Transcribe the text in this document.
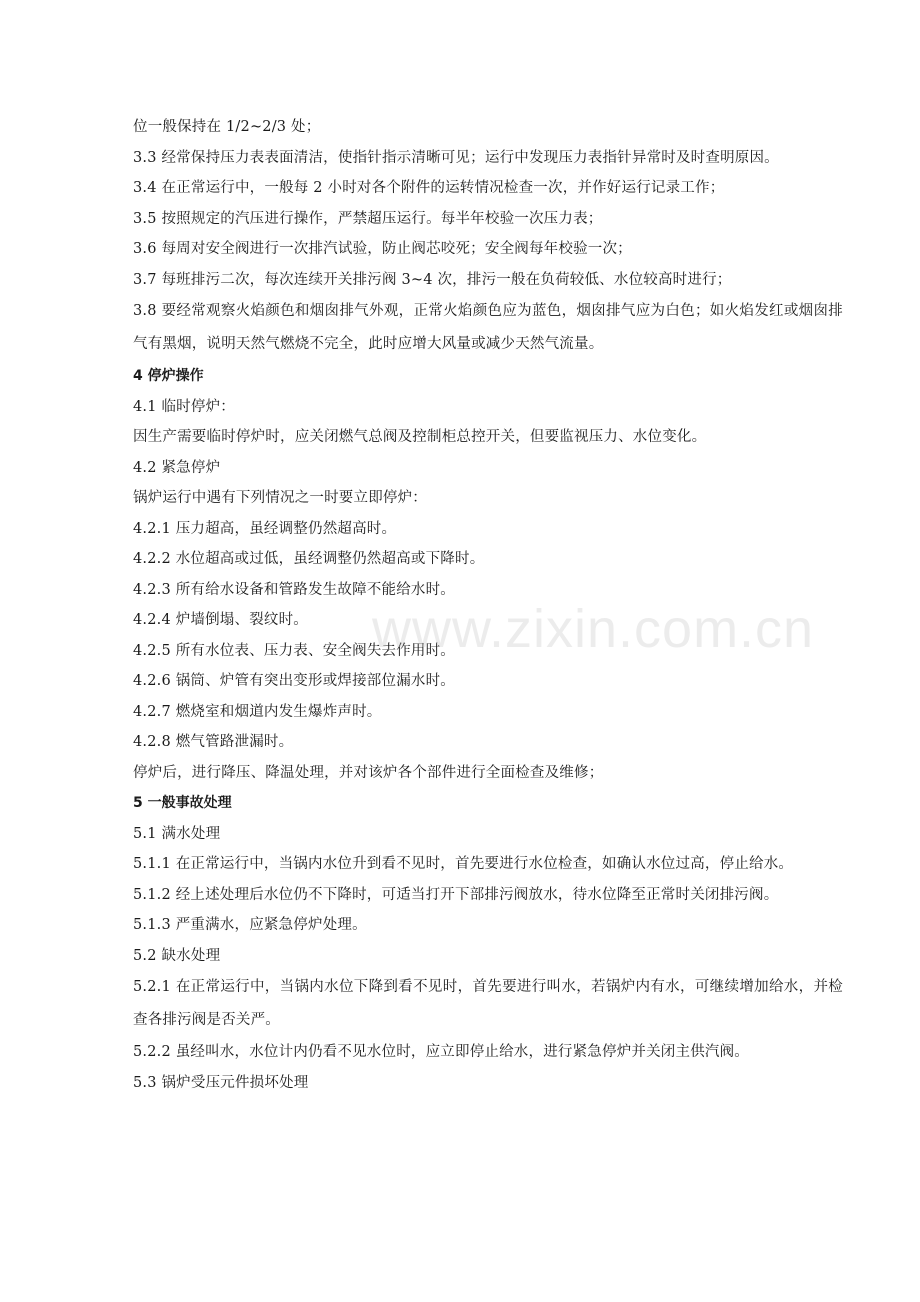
位一般保持在 1/2~2/3 处；
3.3 经常保持压力表表面清洁，使指针指示清晰可见；运行中发现压力表指针异常时及时查明原因。
3.4 在正常运行中，一般每 2 小时对各个附件的运转情况检查一次，并作好运行记录工作；
3.5 按照规定的汽压进行操作，严禁超压运行。每半年校验一次压力表；
3.6 每周对安全阀进行一次排汽试验，防止阀芯咬死；安全阀每年校验一次；
3.7 每班排污二次，每次连续开关排污阀 3~4 次，排污一般在负荷较低、水位较高时进行；
3.8 要经常观察火焰颜色和烟囱排气外观，正常火焰颜色应为蓝色，烟囱排气应为白色；如火焰发红或烟囱排气有黑烟，说明天然气燃烧不完全，此时应增大风量或减少天然气流量。
4 停炉操作
4.1 临时停炉：
因生产需要临时停炉时，应关闭燃气总阀及控制柜总控开关，但要监视压力、水位变化。
4.2 紧急停炉
锅炉运行中遇有下列情况之一时要立即停炉：
4.2.1 压力超高，虽经调整仍然超高时。
4.2.2 水位超高或过低，虽经调整仍然超高或下降时。
4.2.3 所有给水设备和管路发生故障不能给水时。
4.2.4 炉墙倒塌、裂纹时。
4.2.5 所有水位表、压力表、安全阀失去作用时。
4.2.6 锅筒、炉管有突出变形或焊接部位漏水时。
4.2.7 燃烧室和烟道内发生爆炸声时。
4.2.8 燃气管路泄漏时。
停炉后，进行降压、降温处理，并对该炉各个部件进行全面检查及维修；
5 一般事故处理
5.1 满水处理
5.1.1 在正常运行中，当锅内水位升到看不见时，首先要进行水位检查，如确认水位过高，停止给水。
5.1.2 经上述处理后水位仍不下降时，可适当打开下部排污阀放水，待水位降至正常时关闭排污阀。
5.1.3 严重满水，应紧急停炉处理。
5.2 缺水处理
5.2.1 在正常运行中，当锅内水位下降到看不见时，首先要进行叫水，若锅炉内有水，可继续增加给水，并检查各排污阀是否关严。
5.2.2 虽经叫水，水位计内仍看不见水位时，应立即停止给水，进行紧急停炉并关闭主供汽阀。
5.3 锅炉受压元件损坏处理
www.zixin.com.cn
